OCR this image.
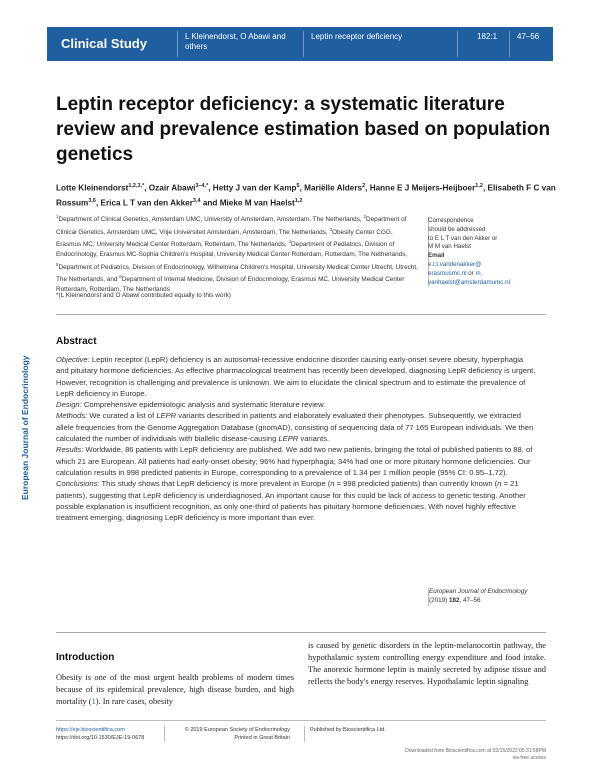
Clinical Study	L Kleinendorst, O Abawi and others
Leptin receptor deficiency	182:1	47–56
European Journal of Endocrinology
Leptin receptor deficiency: a systematic literature review and prevalence estimation based on population genetics
Lotte Kleinendorst$^{1,2,3,*}$, Ozair Abawi$^{3-4,*}$, Hetty J van der Kamp$^5$, Mariëlle Alders$^2$, Hanne E J Meijers-Heijboer$^{1,2}$, Elisabeth F C van Rossum$^{3,6}$, Erica L T van den Akker$^{3,4}$ and Mieke M van Haelst$^{1,2}$
$^1$Department of Clinical Genetics, Amsterdam UMC, University of Amsterdam, Amsterdam, The Netherlands, $^2$Department of Clinical Genetics, Amsterdam UMC, Vrije Universiteit Amsterdam, Amsterdam, The Netherlands, $^3$Obesity Center CGG, Erasmus MC, University Medical Center Rotterdam, Rotterdam, The Netherlands, $^4$Department of Pediatrics, Division of Endocrinology, Erasmus MC-Sophia Children's Hospital, University Medical Center Rotterdam, Rotterdam, The Netherlands, $^5$Department of Pediatrics, Division of Endocrinology, Wilhelmina Children's Hospital, University Medical Center Utrecht, Utrecht, The Netherlands, and $^6$Department of Internal Medicine, Division of Endocrinology, Erasmus MC, University Medical Center Rotterdam, Rotterdam, The Netherlands
*(L Kleinendorst and O Abawi contributed equally to this work)
Correspondence
should be addressed
to E L T van den Akker or
M M van Haelst
Email
e.l.t.vandenakker@
erasmusmc.nl or m.
vanhaelst@amsterdamumc.nl
Abstract

Objective: Leptin receptor (LepR) deficiency is an autosomal-recessive endocrine disorder causing early-onset severe obesity, hyperphagia and pituitary hormone deficiencies. As effective pharmacological treatment has recently been developed, diagnosing LepR deficiency is urgent. However, recognition is challenging and prevalence is unknown. We aim to elucidate the clinical spectrum and to estimate the prevalence of LepR deficiency in Europe.

Design: Comprehensive epidemiologic analysis and systematic literature review.

Methods: We curated a list of LEPR variants described in patients and elaborately evaluated their phenotypes. Subsequently, we extracted allele frequencies from the Genome Aggregation Database (gnomAD), consisting of sequencing data of 77 165 European individuals. We then calculated the number of individuals with biallelic disease-causing LEPR variants.

Results: Worldwide, 86 patients with LepR deficiency are published. We add two new patients, bringing the total of published patients to 88, of which 21 are European. All patients had early-onset obesity; 96% had hyperphagia; 34% had one or more pituitary hormone deficiencies. Our calculation results in 998 predicted patients in Europe, corresponding to a prevalence of 1.34 per 1 million people (95% CI: 0.95–1.72).

Conclusions: This study shows that LepR deficiency is more prevalent in Europe (n = 998 predicted patients) than currently known (n = 21 patients), suggesting that LepR deficiency is underdiagnosed. An important cause for this could be lack of access to genetic testing. Another possible explanation is insufficient recognition, as only one-third of patients has pituitary hormone deficiencies. With novel highly effective treatment emerging, diagnosing LepR deficiency is more important than ever.

European Journal of Endocrinology
(2019) 182, 47–56
Introduction
Obesity is one of the most urgent health problems of modern times because of its epidemical prevalence, high disease burden, and high mortality (1). In rare cases, obesity
is caused by genetic disorders in the leptin-melanocortin pathway, the hypothalamic system controlling energy expenditure and food intake. The anorexic hormone leptin is mainly secreted by adipose tissue and reflects the body's energy reserves. Hypothalamic leptin signaling
https://eje.bioscientifica.com
https://doi.org/10.1530/EJE-19-0678
© 2019 European Society of Endocrinology
Printed in Great Britain
Published by Bioscientifica Ltd.
Downloaded from Bioscientifica.com at 02/15/2022 05:31:58PM
via free access
